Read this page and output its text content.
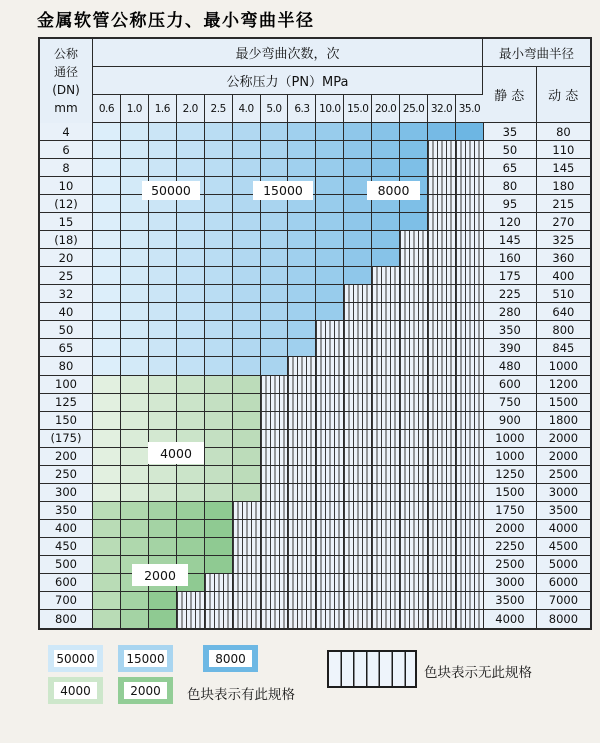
金属软管公称压力、最小弯曲半径
公称
通径
(DN)
mm
最少弯曲次数，次
公称压力（PN）MPa
0.6	1.0	1.6	2.0	2.5	4.0	5.0	6.3 10.0 15.0 20.0 25.0 32.0 35.0
最小弯曲半径
静 态	动 态
4	35	80
6	50	110
8	65	145
10	80	180
(12)	95	215
15	120	270
(18)	145	325
20	160	360
25	175	400
32	225	510
40	280	640
50	350	800
65	390	845
80	480	1000
100	600	1200
125	750	1500
150	900	1800
(175)	1000	2000
200	1000	2000
250	1250	2500
300	1500	3000
350	1750	3500
400	2000	4000
450	2250	4500
500	2500	5000
600	3000	6000
700	3500	7000
800	4000	8000
50000	15000	8000
4000
2000
50000	15000	8000
4000	2000	色块表示有此规格
色块表示无此规格
